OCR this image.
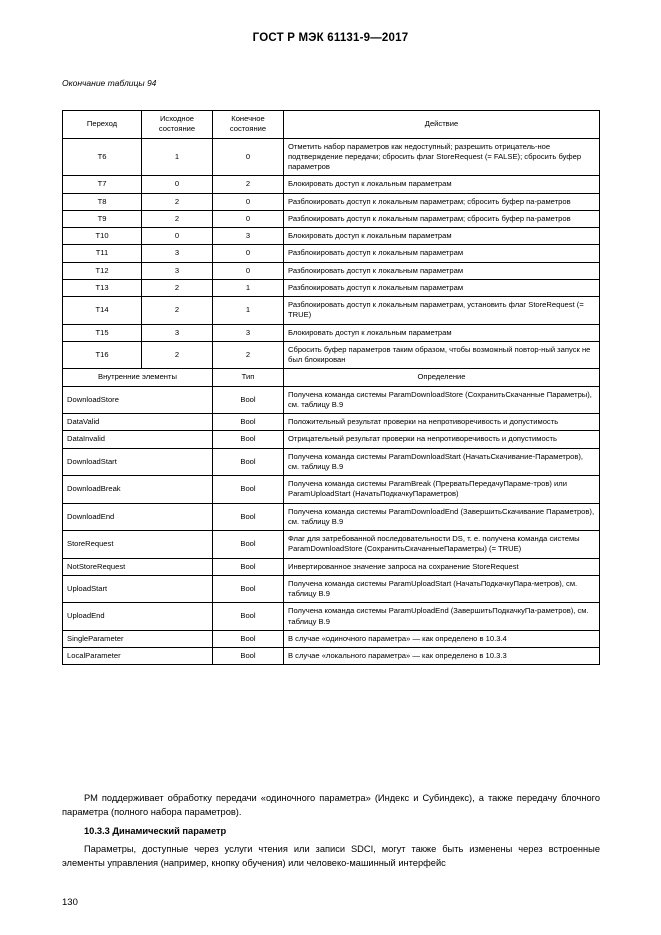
ГОСТ Р МЭК 61131-9—2017
Окончание таблицы 94
Переход	Исходное состояние	Конечное состояние	Действие
T6	1	0	Отметить набор параметров как недоступный; разрешить отрицатель-ное подтверждение передачи; сбросить флаг StoreRequest (= FALSE); сбросить буфер параметров
T7	0	2	Блокировать доступ к локальным параметрам
T8	2	0	Разблокировать доступ к локальным параметрам; сбросить буфер па-раметров
T9	2	0	Разблокировать доступ к локальным параметрам; сбросить буфер па-раметров
T10	0	3	Блокировать доступ к локальным параметрам
T11	3	0	Разблокировать доступ к локальным параметрам
T12	3	0	Разблокировать доступ к локальным параметрам
T13	2	1	Разблокировать доступ к локальным параметрам
T14	2	1	Разблокировать доступ к локальным параметрам, установить флаг StoreRequest (= TRUE)
T15	3	3	Блокировать доступ к локальным параметрам
T16	2	2	Сбросить буфер параметров таким образом, чтобы возможный повтор-ный запуск не был блокирован
Внутренние элементы		Тип	Определение
DownloadStore		Bool	Получена команда системы ParamDownloadStore (СохранитьСкачанные Параметры), см. таблицу B.9
DataValid		Bool	Положительный результат проверки на непротиворечивость и допустимость
DataInvalid		Bool	Отрицательный результат проверки на непротиворечивость и допустимость
DownloadStart		Bool	Получена команда системы ParamDownloadStart (НачатьСкачивание-Параметров), см. таблицу B.9
DownloadBreak		Bool	Получена команда системы ParamBreak (ПрерватьПередачуПараме-тров) или ParamUploadStart (НачатьПодкачкуПараметров)
DownloadEnd		Bool	Получена команда системы ParamDownloadEnd (ЗавершитьСкачивание Параметров), см. таблицу B.9
StoreRequest		Bool	Флаг для затребованной последовательности DS, т. е. получена команда системы ParamDownloadStore (СохранитьСкачанныеПараметры) (= TRUE)
NotStoreRequest		Bool	Инвертированное значение запроса на сохранение StoreRequest
UploadStart		Bool	Получена команда системы ParamUploadStart (НачатьПодкачкуПара-метров), см. таблицу B.9
UploadEnd		Bool	Получена команда системы ParamUploadEnd (ЗавершитьПодкачкуПа-раметров), см. таблицу B.9
SingleParameter		Bool	В случае «одиночного параметра» — как определено в 10.3.4
LocalParameter		Bool	В случае «локального параметра» — как определено в 10.3.3
РМ поддерживает обработку передачи «одиночного параметра» (Индекс и Субиндекс), а также передачу блочного параметра (полного набора параметров).
10.3.3 Динамический параметр
Параметры, доступные через услуги чтения или записи SDCI, могут также быть изменены через встроенные элементы управления (например, кнопку обучения) или человеко-машинный интерфейс
130
